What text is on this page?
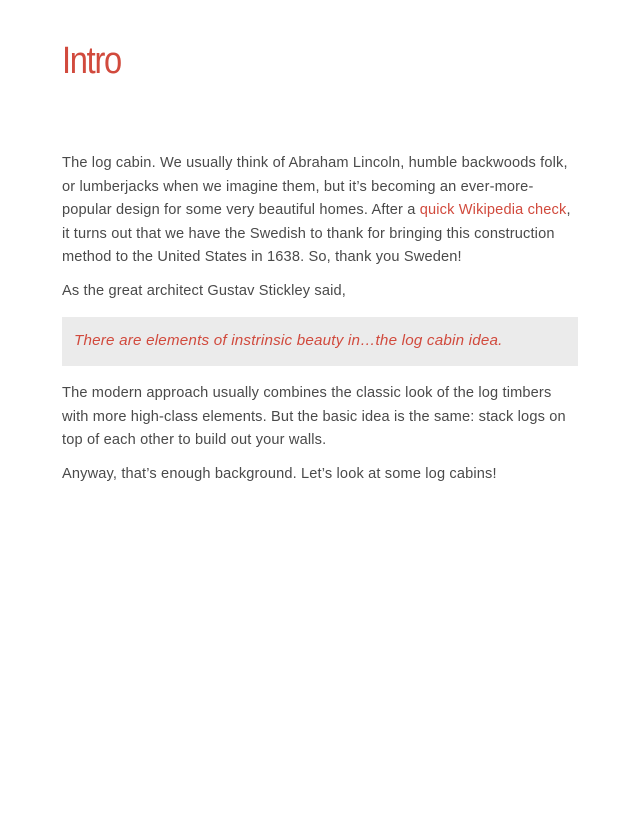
Intro

The log cabin. We usually think of Abraham Lincoln, humble backwoods folk, or lumberjacks when we imagine them, but it’s becoming an ever-more-popular design for some very beautiful homes. After a quick Wikipedia check, it turns out that we have the Swedish to thank for bringing this construction method to the United States in 1638. So, thank you Sweden!

As the great architect Gustav Stickley said,

There are elements of instrinsic beauty in…the log cabin idea.

The modern approach usually combines the classic look of the log timbers with more high-class elements. But the basic idea is the same: stack logs on top of each other to build out your walls.

Anyway, that’s enough background. Let’s look at some log cabins!
